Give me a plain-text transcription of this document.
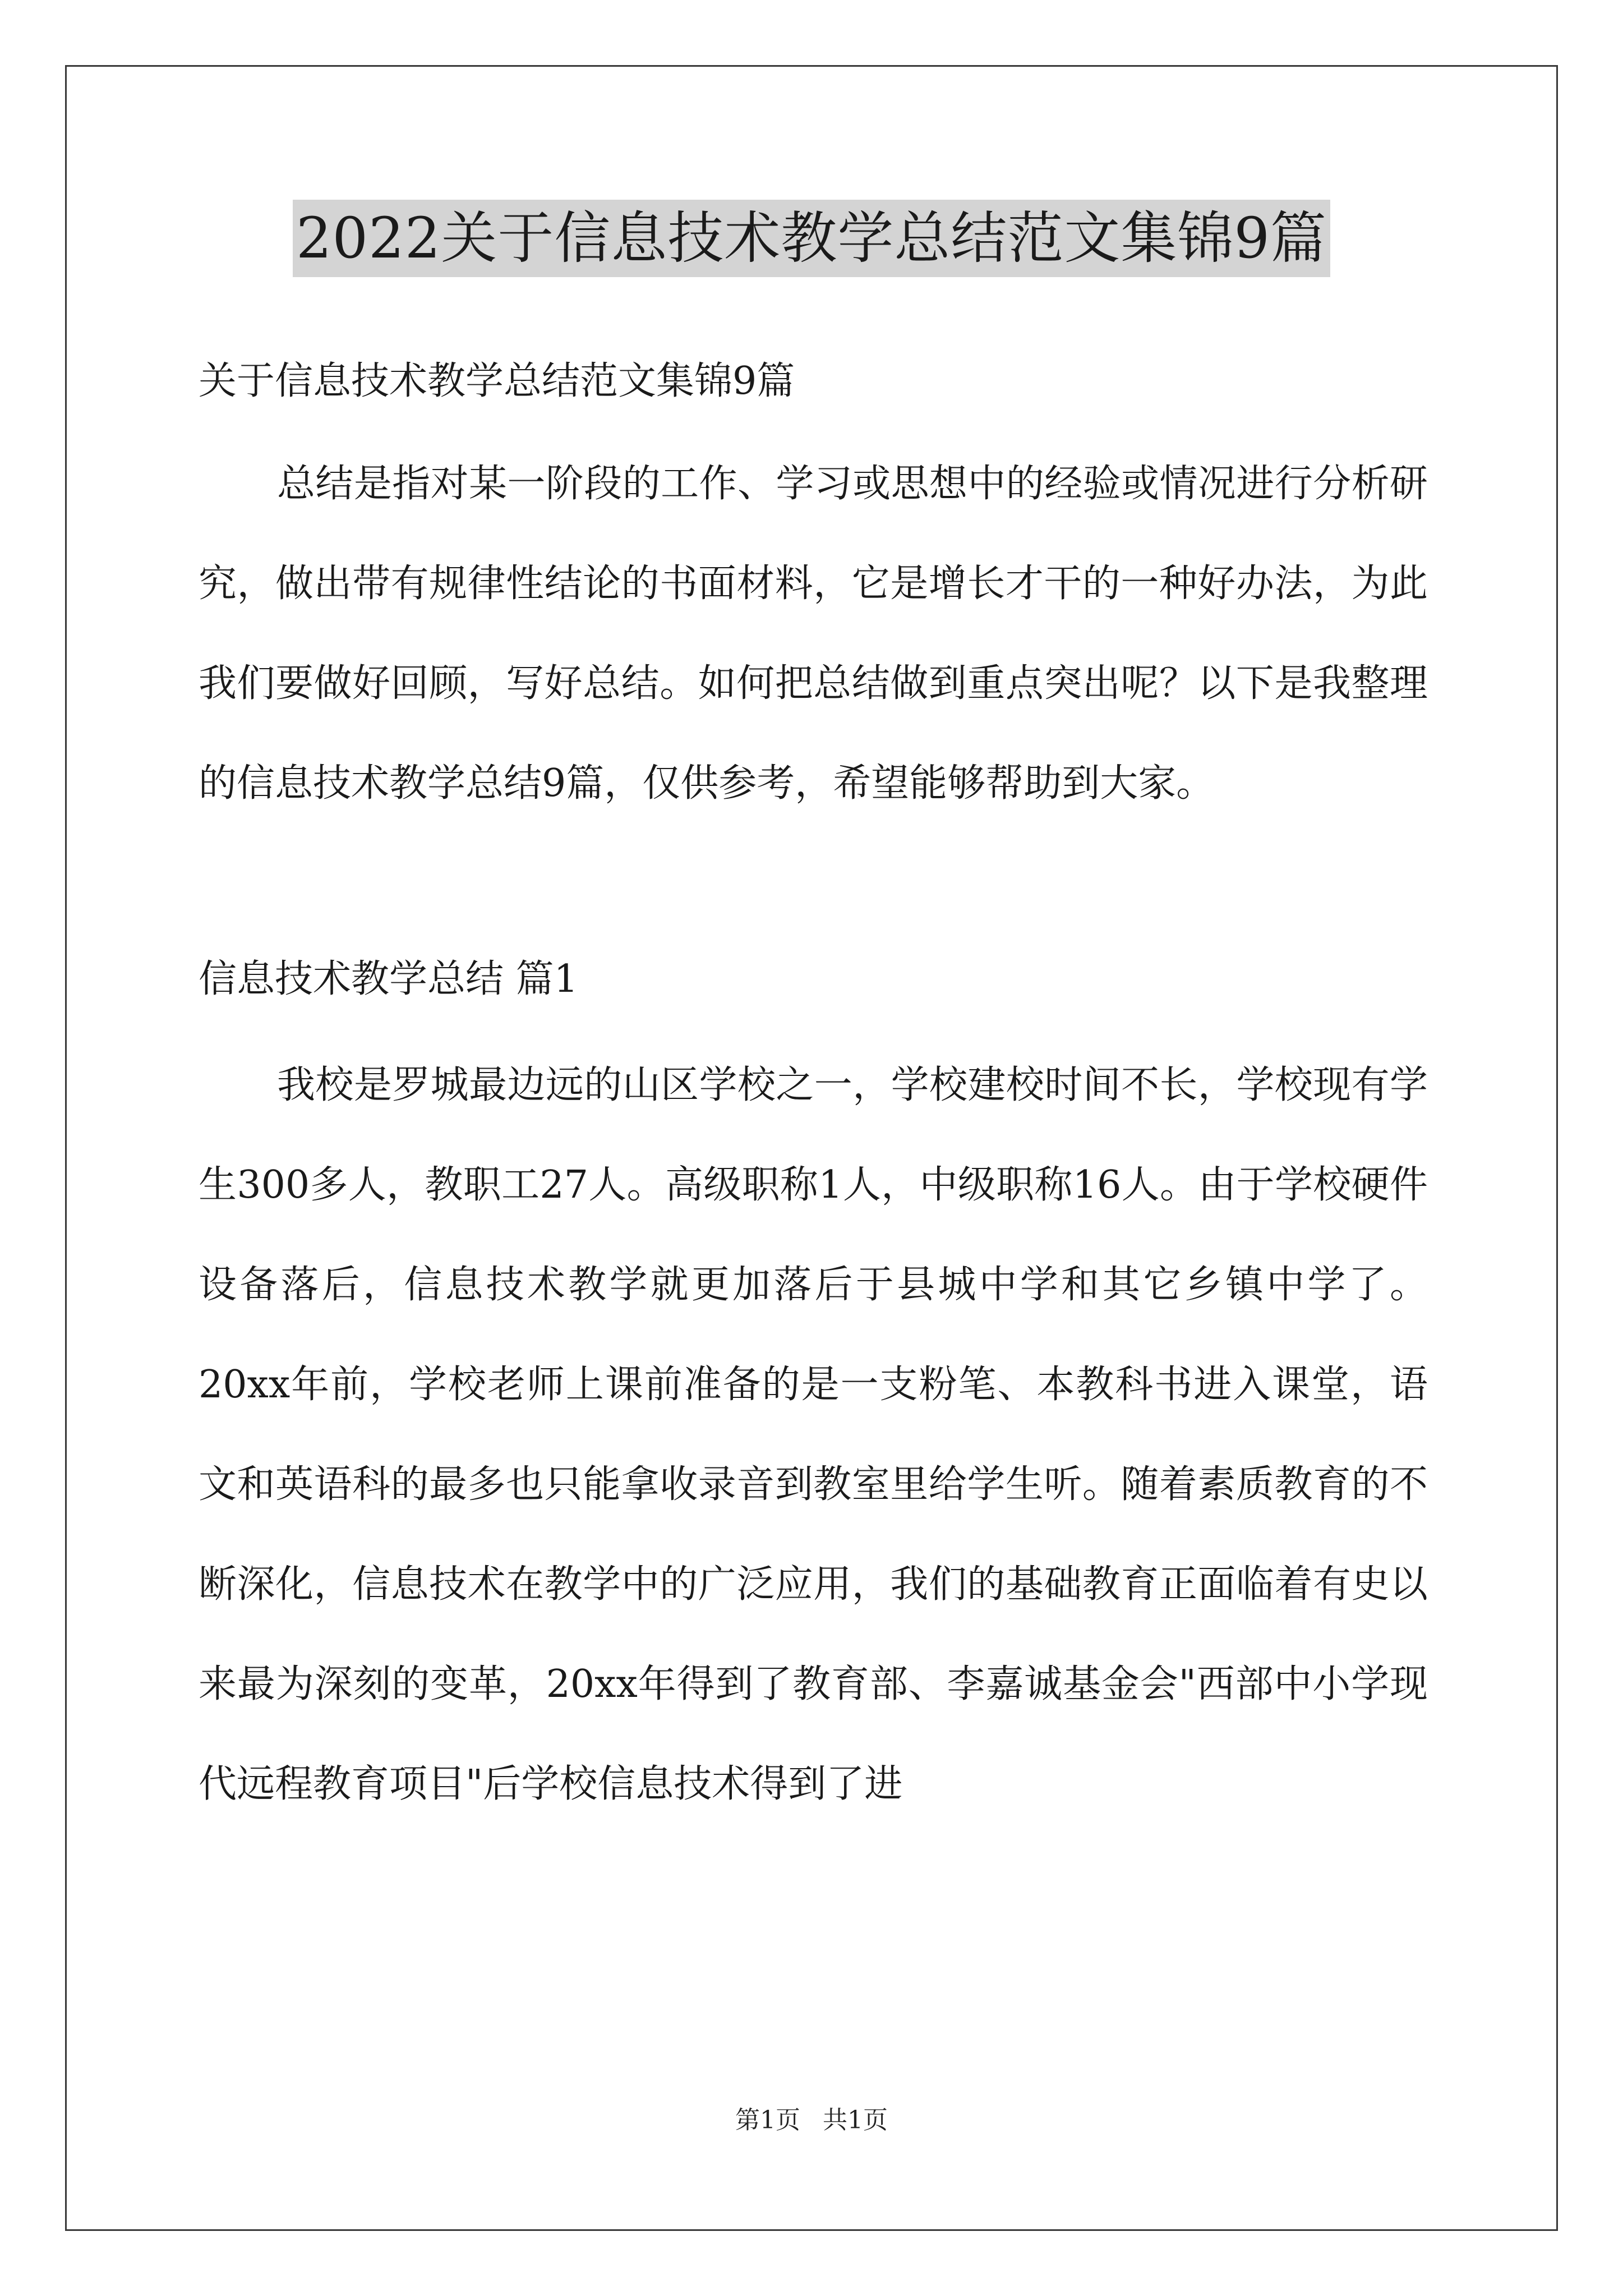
2022关于信息技术教学总结范文集锦9篇

关于信息技术教学总结范文集锦9篇

总结是指对某一阶段的工作、学习或思想中的经验或情况进行分析研究，做出带有规律性结论的书面材料，它是增长才干的一种好办法，为此我们要做好回顾，写好总结。如何把总结做到重点突出呢？以下是我整理的信息技术教学总结9篇，仅供参考，希望能够帮助到大家。

信息技术教学总结 篇1

我校是罗城最边远的山区学校之一，学校建校时间不长，学校现有学生300多人，教职工27人。高级职称1人，中级职称16人。由于学校硬件设备落后，信息技术教学就更加落后于县城中学和其它乡镇中学了。20xx年前，学校老师上课前准备的是一支粉笔、本教科书进入课堂，语文和英语科的最多也只能拿收录音到教室里给学生听。随着素质教育的不断深化，信息技术在教学中的广泛应用，我们的基础教育正面临着有史以来最为深刻的变革，20xx年得到了教育部、李嘉诚基金会"西部中小学现代远程教育项目"后学校信息技术得到了进

第1页 共1页
